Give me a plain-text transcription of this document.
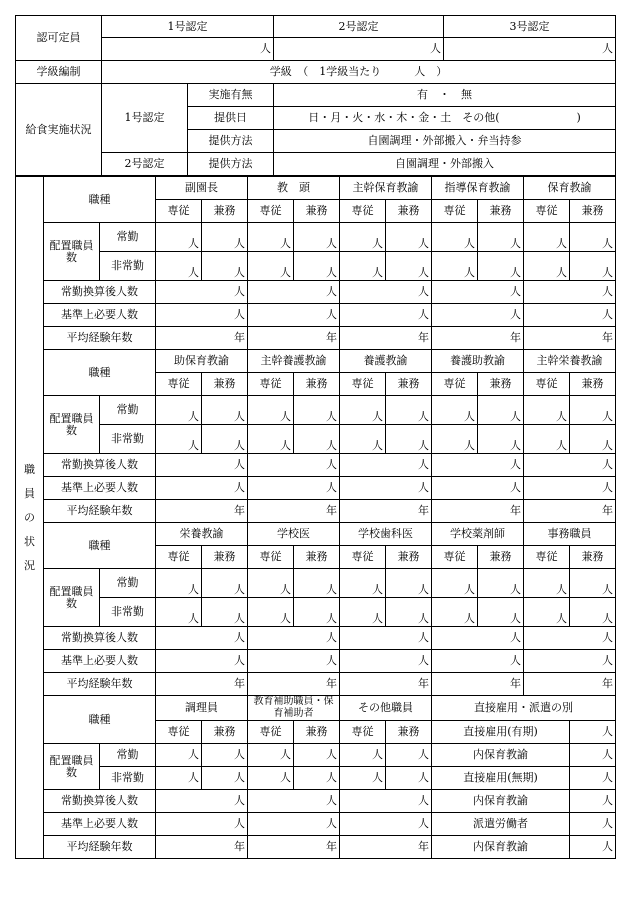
認可定員	1号認定		2号認定	3号認定
	人		人	人
学級編制	学級　（　1学級当たり　　　人　）			
給食実施状況	1号認定	実施有無	有　・　無	
		提供日	日・月・火・水・木・金・土　その他(　　　　　　　)	
		提供方法	自園調理・外部搬入・弁当持参	
	2号認定	提供方法	自園調理・外部搬入	
職
員
の
状
況	職種		副園長		教　頭		主幹保育教諭		指導保育教諭		保育教諭	
			専従	兼務	専従	兼務	専従	兼務	専従	兼務	専従	兼務
	配置職員数	常勤	人	人	人	人	人	人	人	人	人	人
		非常勤	人	人	人	人	人	人	人	人	人	人
	常勤換算後人数		人		人		人		人		人	
	基準上必要人数		人		人		人		人		人	
	平均経験年数		年		年		年		年		年	
	職種		助保育教諭		主幹養護教諭		養護教諭		養護助教諭		主幹栄養教諭	
			専従	兼務	専従	兼務	専従	兼務	専従	兼務	専従	兼務
	配置職員数	常勤	人	人	人	人	人	人	人	人	人	人
		非常勤	人	人	人	人	人	人	人	人	人	人
	常勤換算後人数		人		人		人		人		人	
	基準上必要人数		人		人		人		人		人	
	平均経験年数		年		年		年		年		年	
	職種		栄養教諭		学校医		学校歯科医		学校薬剤師		事務職員	
			専従	兼務	専従	兼務	専従	兼務	専従	兼務	専従	兼務
	配置職員数	常勤	人	人	人	人	人	人	人	人	人	人
		非常勤	人	人	人	人	人	人	人	人	人	人
	常勤換算後人数		人		人		人		人		人	
	基準上必要人数		人		人		人		人		人	
	平均経験年数		年		年		年		年		年	
	職種		調理員		教育補助職員・保育補助者		その他職員		直接雇用・派遣の別			
			専従	兼務	専従	兼務	専従	兼務	直接雇用(有期)			人
	配置職員数	常勤	人	人	人	人	人	人	内保育教諭			人
		非常勤	人	人	人	人	人	人	直接雇用(無期)			人
	常勤換算後人数		人		人		人		内保育教諭			人
	基準上必要人数		人		人		人		派遣労働者			人
	平均経験年数		年		年		年		内保育教諭			人
